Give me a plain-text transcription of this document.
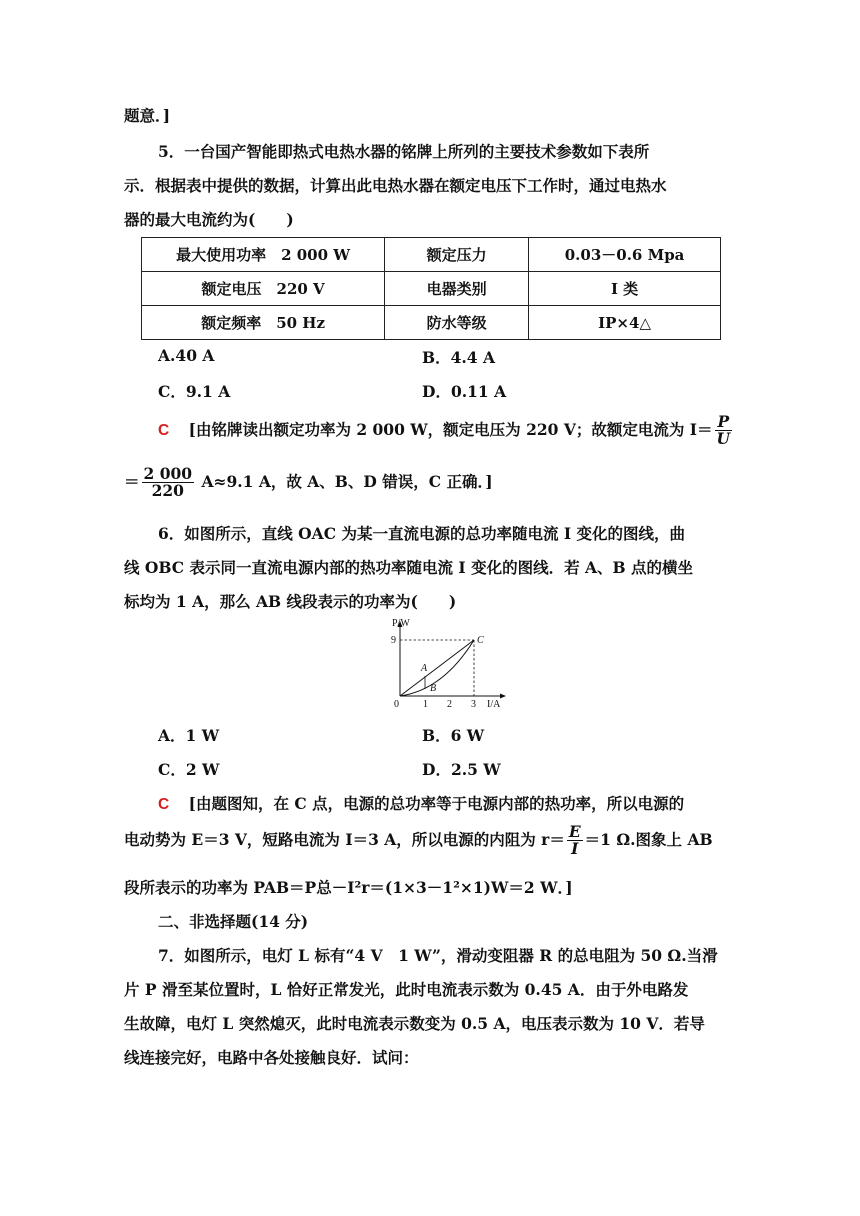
题意．]
5．一台国产智能即热式电热水器的铭牌上所列的主要技术参数如下表所
示．根据表中提供的数据，计算出此电热水器在额定电压下工作时，通过电热水
器的最大电流约为(　　)
最大使用功率　2 000 W	额定压力	0.03－0.6 Mpa
额定电压　220 V	电器类别	I 类
额定频率　50 Hz	防水等级	IP×4△
A.40 A	B．4.4 A
C．9.1 A	D．0.11 A
C [由铭牌读出额定功率为 2 000 W，额定电压为 220 V；故额定电流为 $I= \frac{P}{U}$
＝ $\frac{2 000}{220} A\approx 9.1$ A，故 A、B、D 错误，C 正确．]
6．如图所示，直线 OAC 为某一直流电源的总功率随电流 I 变化的图线，曲
线 OBC 表示同一直流电源内部的热功率随电流 I 变化的图线．若 A、B 点的横坐
标均为 1 A，那么 AB 线段表示的功率为(　　)
P/W
9
0 1 2 3 I/A
A
B
C
A．1 W	B．6 W
C．2 W	D．2.5 W
C [由题图知，在 C 点，电源的总功率等于电源内部的热功率，所以电源的
电动势为 E＝3 V，短路电流为 I＝3 A，所以电源的内阻为 $r= \frac{E}{I} =1$ Ω.图象上 AB
段所表示的功率为 PAB＝P总－I²r＝(1×3－1²×1)W＝2 W．]
二、非选择题(14 分)
7．如图所示，电灯 L 标有“4 V　1 W”，滑动变阻器 R 的总电阻为 50 Ω.当滑
片 P 滑至某位置时，L 恰好正常发光，此时电流表示数为 0.45 A．由于外电路发
生故障，电灯 L 突然熄灭，此时电流表示数变为 0.5 A，电压表示数为 10 V．若导
线连接完好，电路中各处接触良好．试问：
